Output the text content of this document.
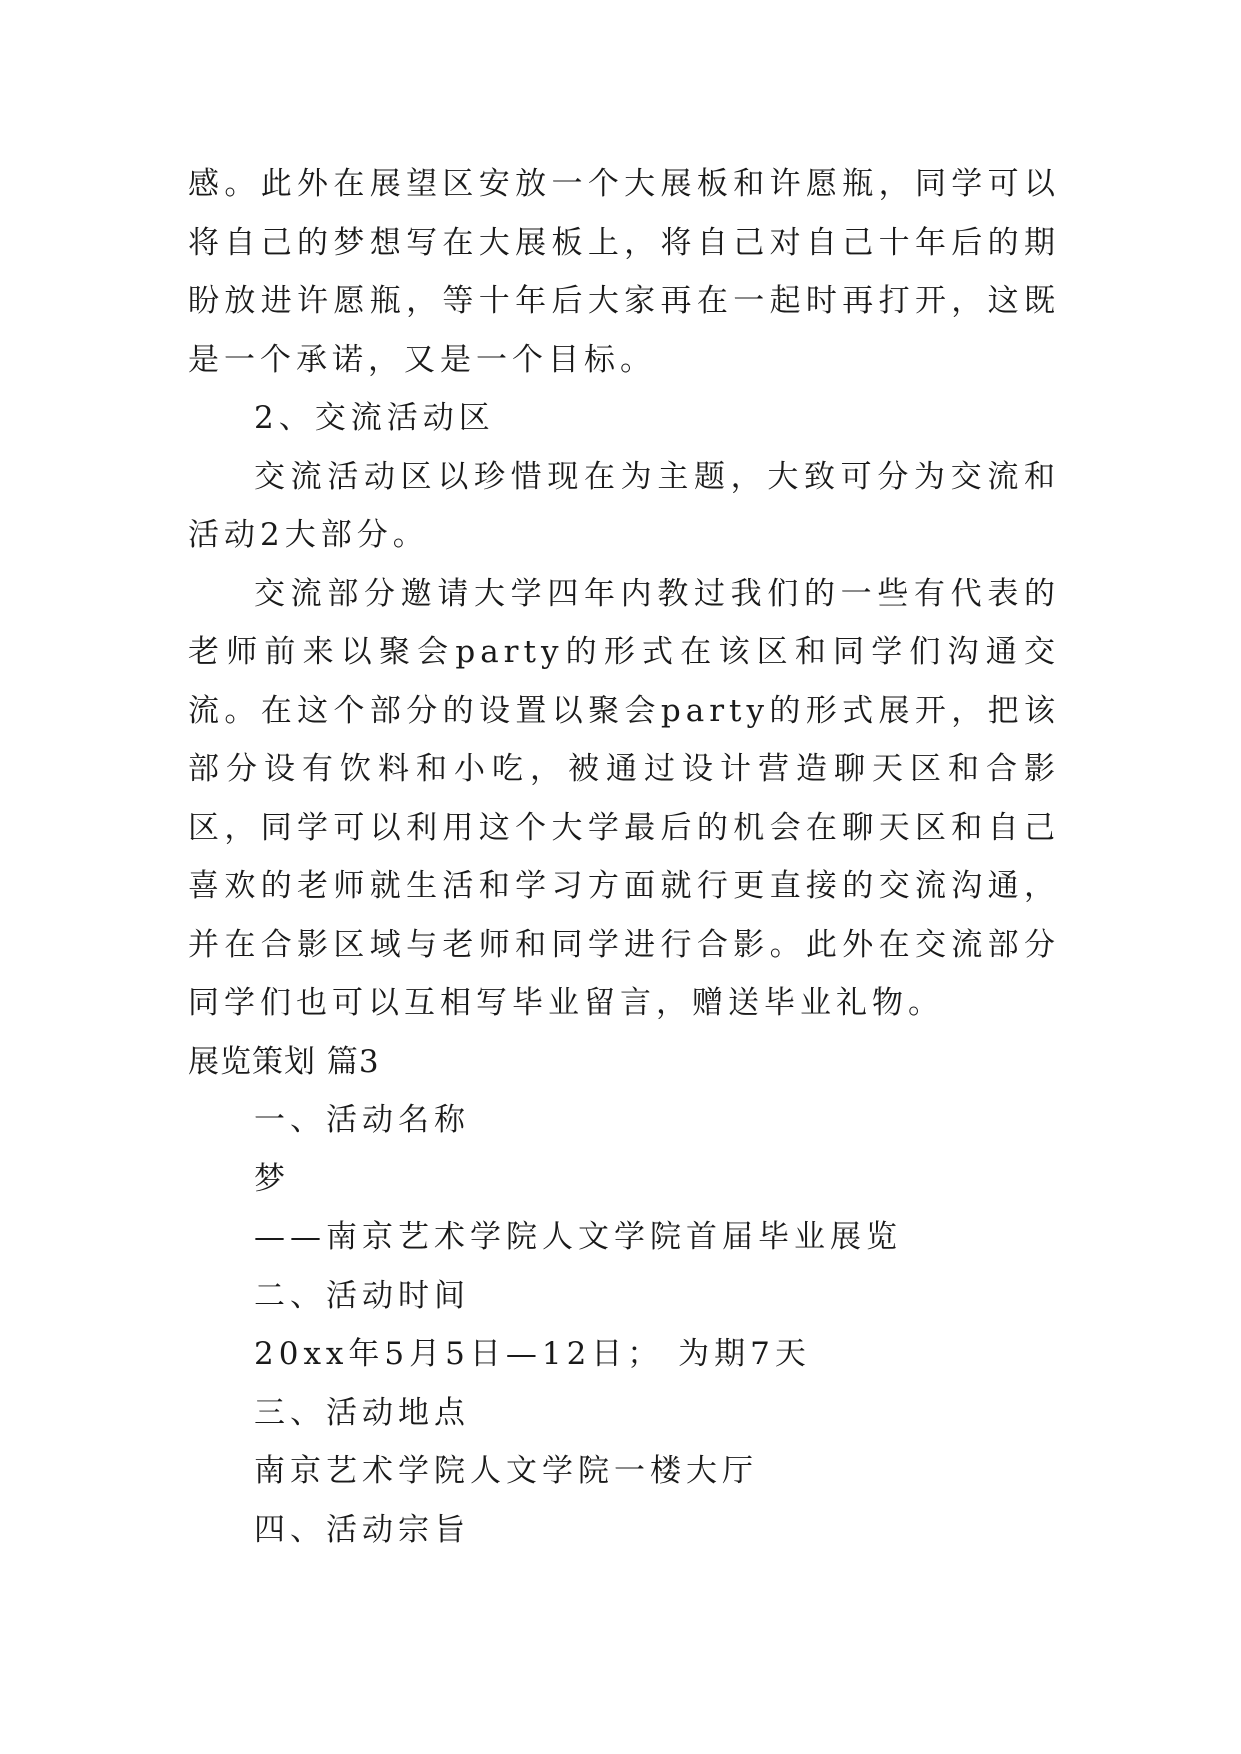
感。此外在展望区安放一个大展板和许愿瓶，同学可以将自己的梦想写在大展板上，将自己对自己十年后的期盼放进许愿瓶，等十年后大家再在一起时再打开，这既是一个承诺，又是一个目标。

2、交流活动区

交流活动区以珍惜现在为主题，大致可分为交流和活动2大部分。

交流部分邀请大学四年内教过我们的一些有代表的老师前来以聚会party的形式在该区和同学们沟通交流。在这个部分的设置以聚会party的形式展开，把该部分设有饮料和小吃，被通过设计营造聊天区和合影区，同学可以利用这个大学最后的机会在聊天区和自己喜欢的老师就生活和学习方面就行更直接的交流沟通，并在合影区域与老师和同学进行合影。此外在交流部分同学们也可以互相写毕业留言，赠送毕业礼物。

展览策划 篇3

一、活动名称

梦

——南京艺术学院人文学院首届毕业展览

二、活动时间

20xx年5月5日—12日； 为期7天

三、活动地点

南京艺术学院人文学院一楼大厅

四、活动宗旨
